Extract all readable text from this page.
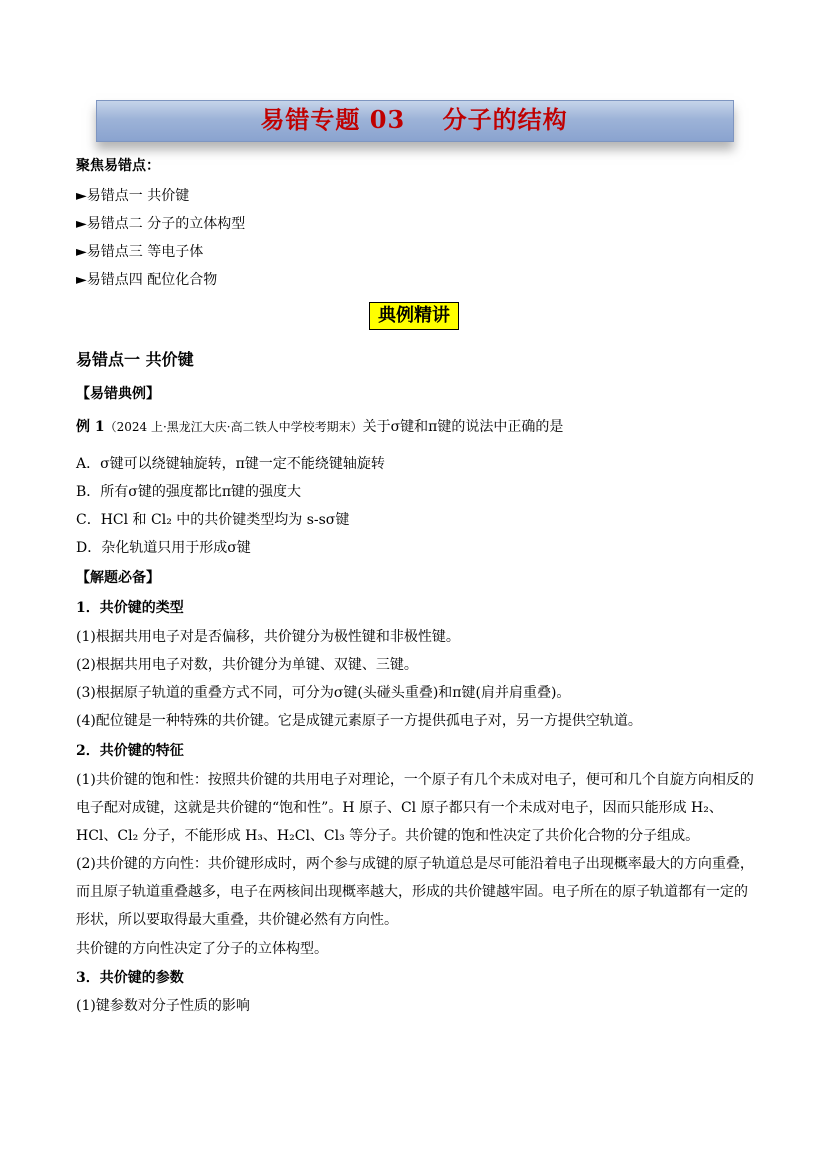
易错专题 03    分子的结构
聚焦易错点：
►易错点一 共价键
►易错点二 分子的立体构型
►易错点三 等电子体
►易错点四 配位化合物
典例精讲
易错点一 共价键
【易错典例】
例 1（2024 上·黑龙江大庆·高二铁人中学校考期末）关于σ键和π键的说法中正确的是
A．σ键可以绕键轴旋转，π键一定不能绕键轴旋转
B．所有σ键的强度都比π键的强度大
C．HCl 和 Cl₂ 中的共价键类型均为 s-sσ键
D．杂化轨道只用于形成σ键
【解题必备】
1．共价键的类型
(1)根据共用电子对是否偏移，共价键分为极性键和非极性键。
(2)根据共用电子对数，共价键分为单键、双键、三键。
(3)根据原子轨道的重叠方式不同，可分为σ键(头碰头重叠)和π键(肩并肩重叠)。
(4)配位键是一种特殊的共价键。它是成键元素原子一方提供孤电子对，另一方提供空轨道。
2．共价键的特征
(1)共价键的饱和性：按照共价键的共用电子对理论，一个原子有几个未成对电子，便可和几个自旋方向相反的电子配对成键，这就是共价键的“饱和性”。H 原子、Cl 原子都只有一个未成对电子，因而只能形成 H₂、HCl、Cl₂ 分子，不能形成 H₃、H₂Cl、Cl₃ 等分子。共价键的饱和性决定了共价化合物的分子组成。
(2)共价键的方向性：共价键形成时，两个参与成键的原子轨道总是尽可能沿着电子出现概率最大的方向重叠，而且原子轨道重叠越多，电子在两核间出现概率越大，形成的共价键越牢固。电子所在的原子轨道都有一定的形状，所以要取得最大重叠，共价键必然有方向性。
共价键的方向性决定了分子的立体构型。
3．共价键的参数
(1)键参数对分子性质的影响
